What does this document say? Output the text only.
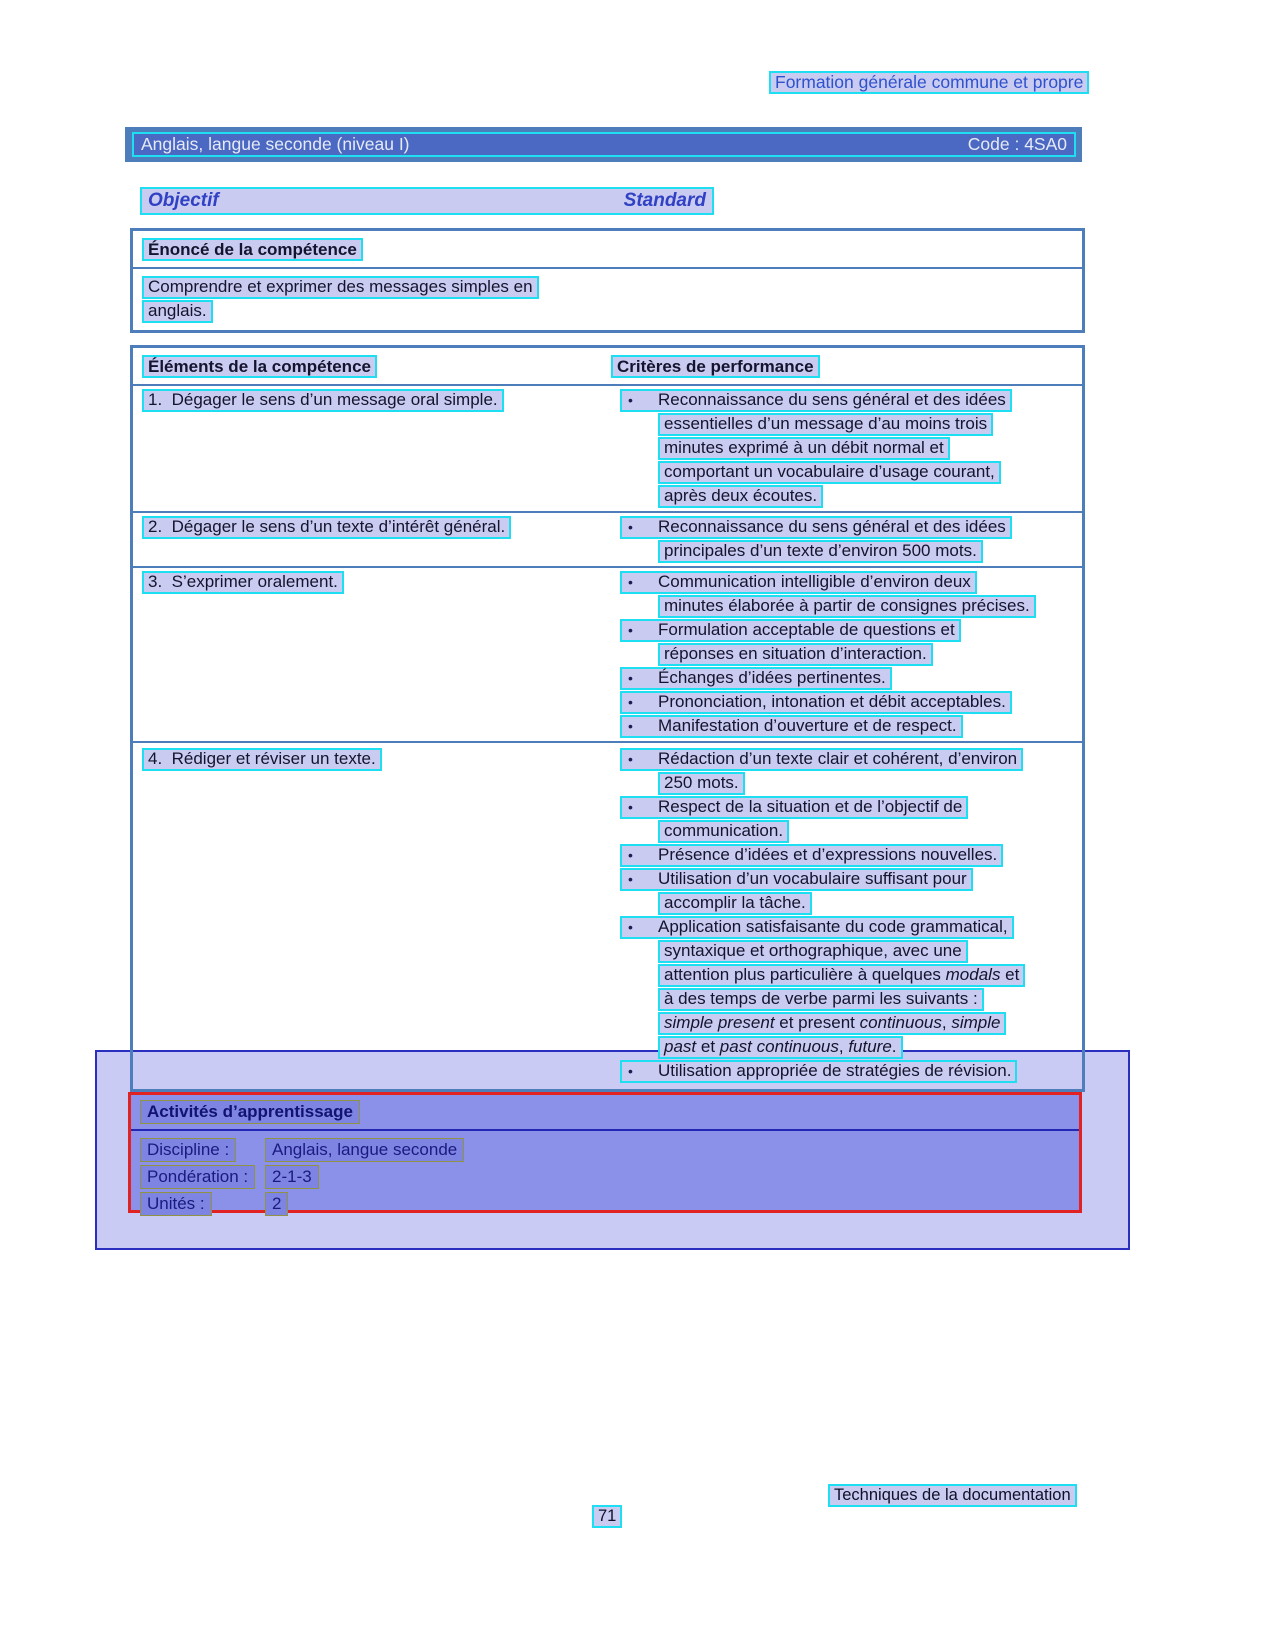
Formation générale commune et propre
Anglais, langue seconde (niveau I)	Code : 4SA0
Objectif	Standard
Énoncé de la compétence
Comprendre et exprimer des messages simples en
anglais.
Éléments de la compétence	Critères de performance
1.  Dégager le sens d’un message oral simple.	•	Reconnaissance du sens général et des idées
essentielles d’un message d’au moins trois
minutes exprimé à un débit normal et
comportant un vocabulaire d’usage courant,
après deux écoutes.
2.  Dégager le sens d’un texte d’intérêt général.	•	Reconnaissance du sens général et des idées
principales d’un texte d’environ 500 mots.
3.  S’exprimer oralement.	•	Communication intelligible d’environ deux
minutes élaborée à partir de consignes précises.
•	Formulation acceptable de questions et
réponses en situation d’interaction.
•	Échanges d’idées pertinentes.
•	Prononciation, intonation et débit acceptables.
•	Manifestation d’ouverture et de respect.
4.  Rédiger et réviser un texte.	•	Rédaction d’un texte clair et cohérent, d’environ
250 mots.
•	Respect de la situation et de l’objectif de
communication.
•	Présence d’idées et d’expressions nouvelles.
•	Utilisation d’un vocabulaire suffisant pour
accomplir la tâche.
•	Application satisfaisante du code grammatical,
syntaxique et orthographique, avec une
attention plus particulière à quelques modals et
à des temps de verbe parmi les suivants :
simple present et present continuous , simple
past et past continuous , future .
•	Utilisation appropriée de stratégies de révision.
Activités d’apprentissage
Discipline :	Anglais, langue seconde
Pondération :	2-1-3
Unités :	2
Techniques de la documentation
71
